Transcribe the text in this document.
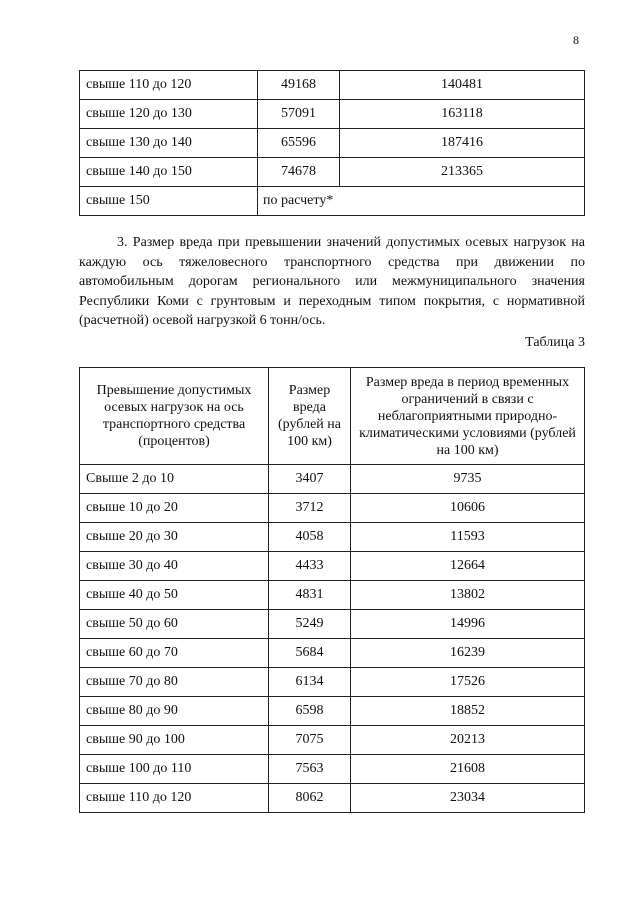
8
свыше 110 до 120	49168	140481
свыше 120 до 130	57091	163118
свыше 130 до 140	65596	187416
свыше 140 до 150	74678	213365
свыше 150	по расчету*	

3. Размер вреда при превышении значений допустимых осевых нагрузок на каждую ось тяжеловесного транспортного средства при движении по автомобильным дорогам регионального или межмуниципального значения Республики Коми с грунтовым и переходным типом покрытия, с нормативной (расчетной) осевой нагрузкой 6 тонн/ось.

Таблица 3
Превышение допустимых осевых нагрузок на ось транспортного средства (процентов)	Размер вреда (рублей на 100 км)	Размер вреда в период временных ограничений в связи с неблагоприятными природно-климатическими условиями (рублей на 100 км)
Свыше 2 до 10	3407	9735
свыше 10 до 20	3712	10606
свыше 20 до 30	4058	11593
свыше 30 до 40	4433	12664
свыше 40 до 50	4831	13802
свыше 50 до 60	5249	14996
свыше 60 до 70	5684	16239
свыше 70 до 80	6134	17526
свыше 80 до 90	6598	18852
свыше 90 до 100	7075	20213
свыше 100 до 110	7563	21608
свыше 110 до 120	8062	23034
